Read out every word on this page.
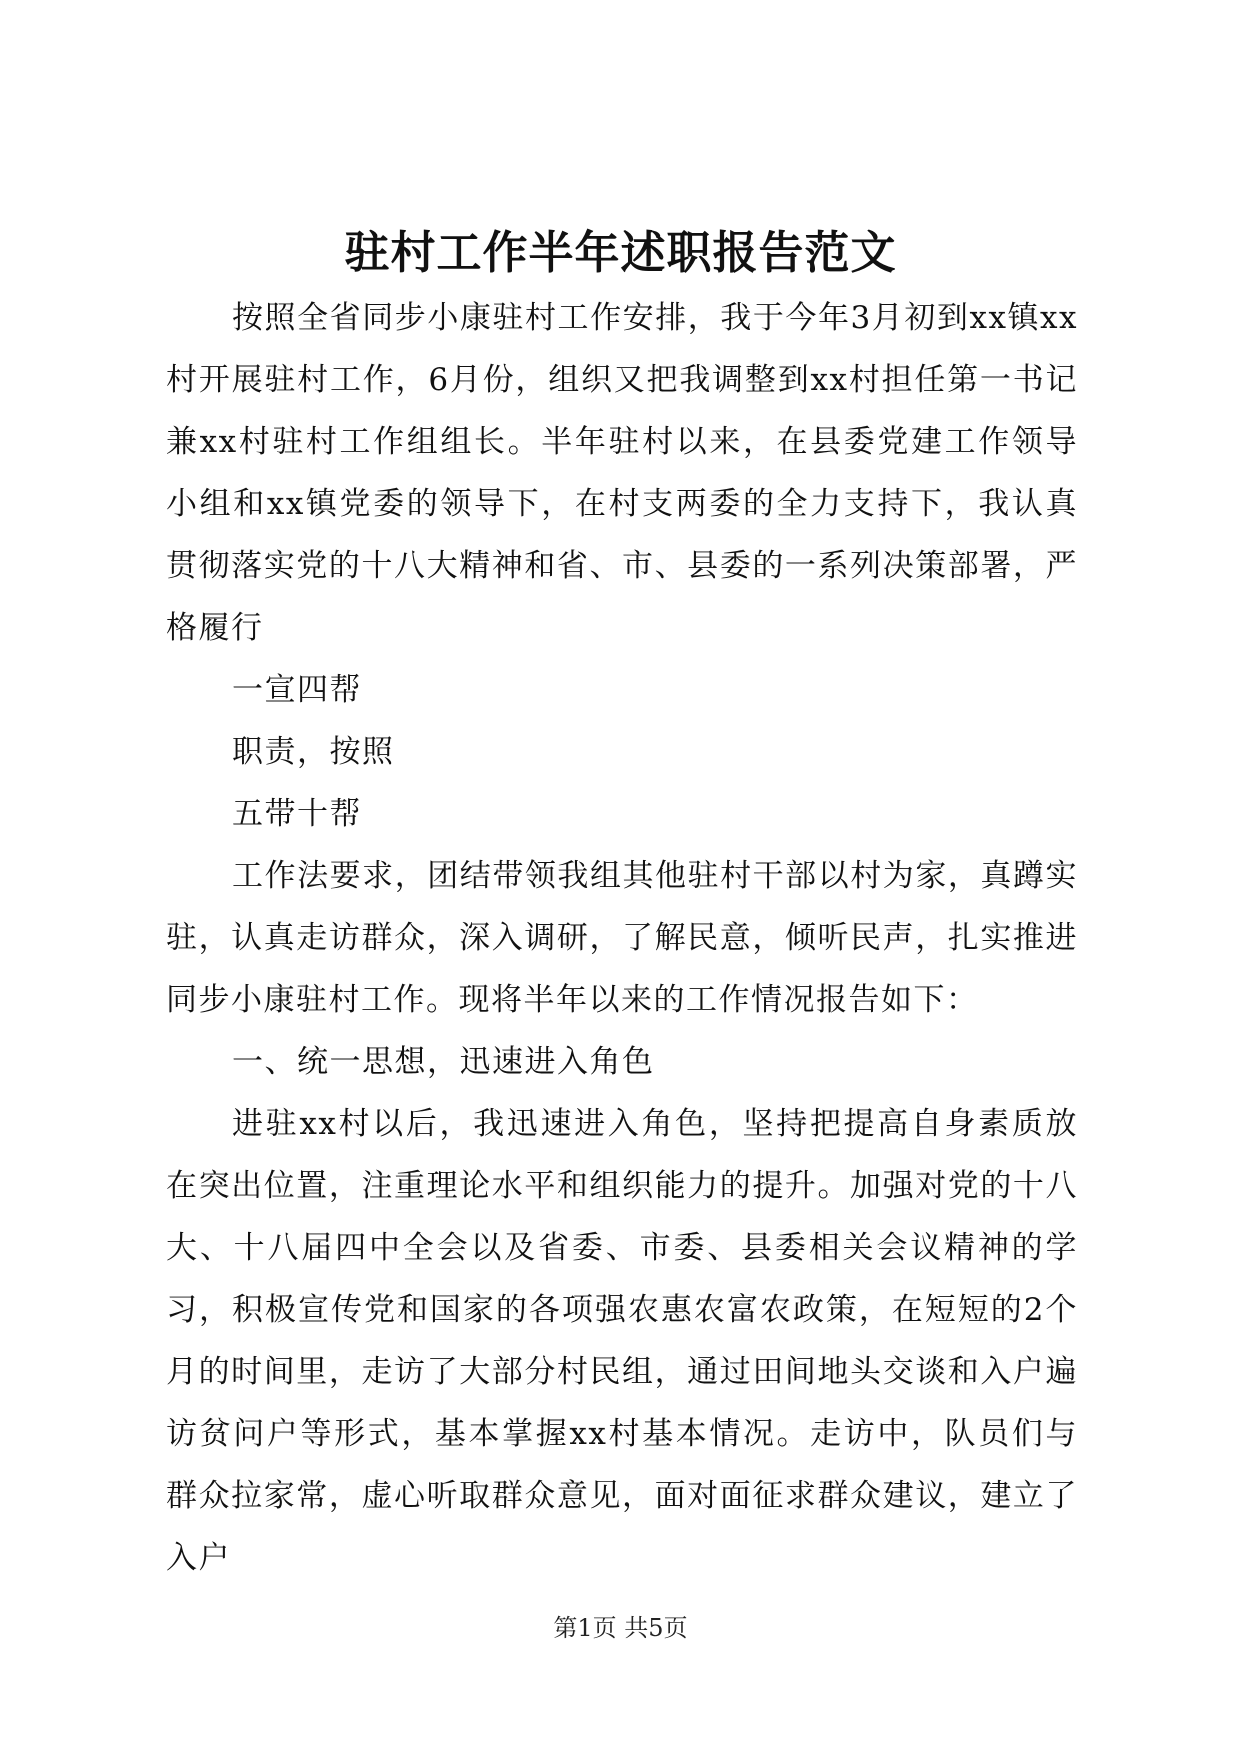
驻村工作半年述职报告范文

按照全省同步小康驻村工作安排，我于今年3月初到xx镇xx村开展驻村工作，6月份，组织又把我调整到xx村担任第一书记兼xx村驻村工作组组长。半年驻村以来，在县委党建工作领导小组和xx镇党委的领导下，在村支两委的全力支持下，我认真贯彻落实党的十八大精神和省、市、县委的一系列决策部署，严格履行

一宣四帮

职责，按照

五带十帮

工作法要求，团结带领我组其他驻村干部以村为家，真蹲实驻，认真走访群众，深入调研，了解民意，倾听民声，扎实推进同步小康驻村工作。现将半年以来的工作情况报告如下：

一、统一思想，迅速进入角色

进驻xx村以后，我迅速进入角色，坚持把提高自身素质放在突出位置，注重理论水平和组织能力的提升。加强对党的十八大、十八届四中全会以及省委、市委、县委相关会议精神的学习，积极宣传党和国家的各项强农惠农富农政策，在短短的2个月的时间里，走访了大部分村民组，通过田间地头交谈和入户遍访贫问户等形式，基本掌握xx村基本情况。走访中，队员们与群众拉家常，虚心听取群众意见，面对面征求群众建议，建立了入户

第1页 共5页
